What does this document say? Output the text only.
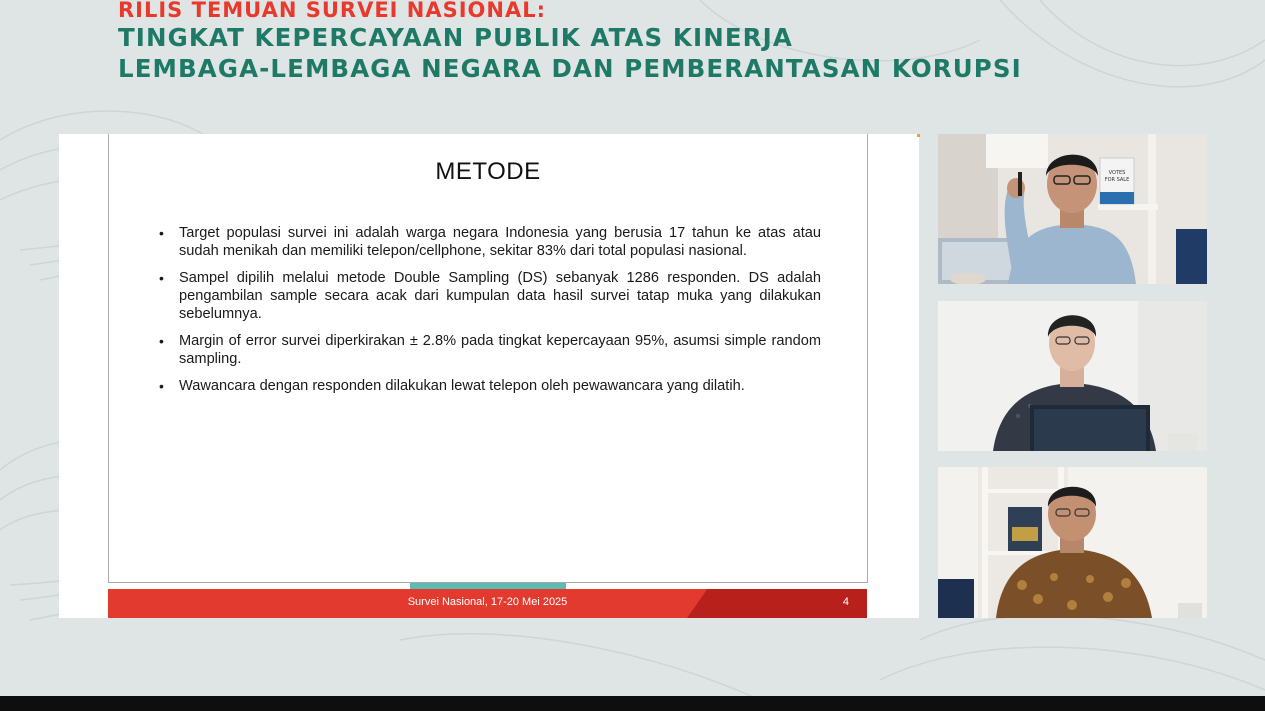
RILIS TEMUAN SURVEI NASIONAL:
TINGKAT KEPERCAYAAN PUBLIK ATAS KINERJA
LEMBAGA-LEMBAGA NEGARA DAN PEMBERANTASAN KORUPSI
METODE
• Target populasi survei ini adalah warga negara Indonesia yang berusia 17 tahun ke atas atau sudah menikah dan memiliki telepon/cellphone, sekitar 83% dari total populasi nasional.
• Sampel dipilih melalui metode Double Sampling (DS) sebanyak 1286 responden. DS adalah pengambilan sample secara acak dari kumpulan data hasil survei tatap muka yang dilakukan sebelumnya.
• Margin of error survei diperkirakan ± 2.8% pada tingkat kepercayaan 95%, asumsi simple random sampling.
• Wawancara dengan responden dilakukan lewat telepon oleh pewawancara yang dilatih.
Survei Nasional, 17-20 Mei 2025	4
VOTES
FOR SALE
